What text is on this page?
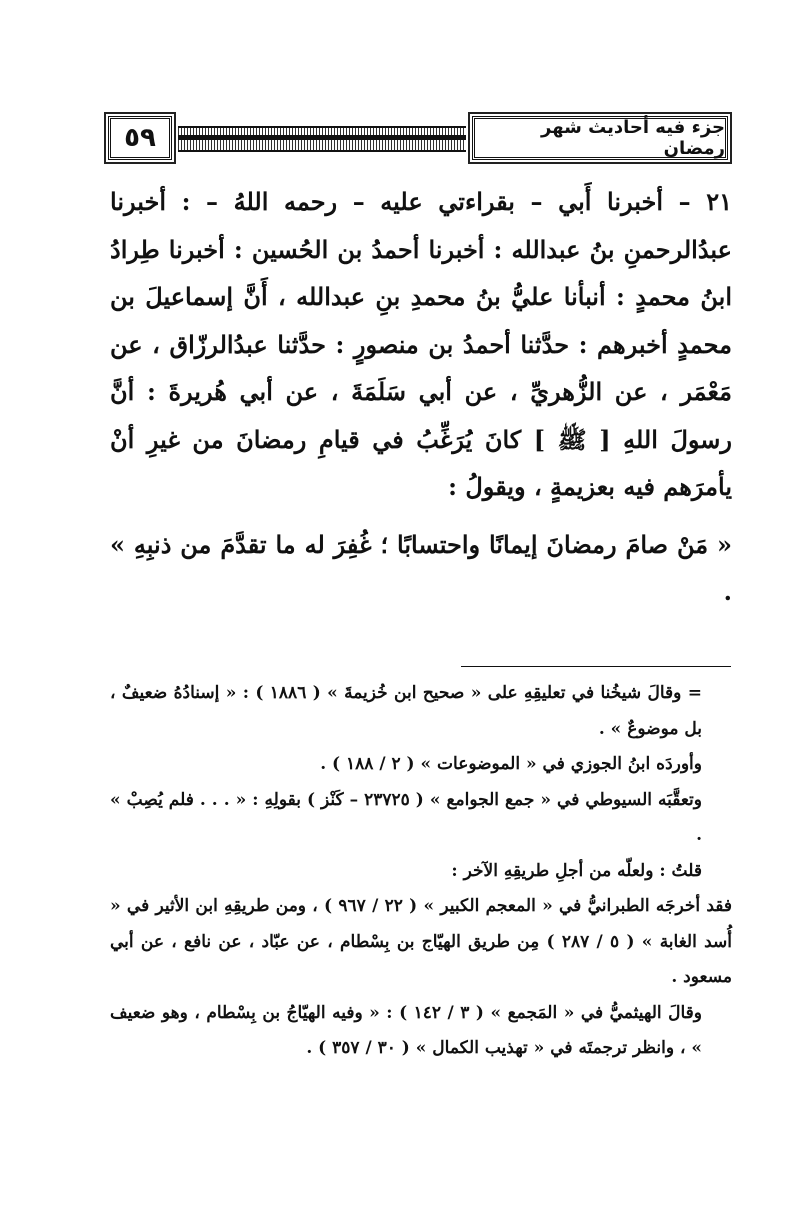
٥٩	جزء فيه أحاديث شهر رمضان

٢١ – أخبرنا أَبي – بقراءتي عليه – رحمه اللهُ – : أخبرنا عبدُالرحمنِ بنُ عبدالله : أخبرنا أحمدُ بن الحُسين : أخبرنا طِرادُ ابنُ محمدٍ : أنبأنا عليُّ بنُ محمدِ بنِ عبدالله ، أَنَّ إسماعيلَ بن محمدٍ أخبرهم : حدَّثنا أحمدُ بن منصورٍ : حدَّثنا عبدُالرزّاق ، عن مَعْمَر ، عن الزُّهريِّ ، عن أبي سَلَمَةَ ، عن أبي هُريرةَ : أنَّ رسولَ اللهِ [ ﷺ ] كانَ يُرَغِّبُ في قيامِ رمضانَ من غيرِ أنْ يأمرَهم فيه بعزيمةٍ ، ويقولُ :

« مَنْ صامَ رمضانَ إيمانًا واحتسابًا ؛ غُفِرَ له ما تقدَّمَ من ذنبِهِ » .

= وقالَ شيخُنا في تعليقِهِ على « صحيح ابن خُزيمةَ » ( ١٨٨٦ ) : « إسنادُهُ ضعيفٌ ، بل موضوعٌ » .

وأوردَه ابنُ الجوزي في « الموضوعات » ( ٢ / ١٨٨ ) .

وتعقَّبَه السيوطي في « جمع الجوامع » ( ٢٣٧٢٥ – كَنْز ) بقولِهِ : « . . . فلم يُصِبْ » .

قلتُ : ولعلّه من أجلِ طريقِهِ الآخر :

فقد أخرجَه الطبرانيُّ في « المعجم الكبير » ( ٢٢ / ٩٦٧ ) ، ومن طريقِهِ ابن الأثير في « أُسد الغابة » ( ٥ / ٢٨٧ ) مِن طريق الهيّاج بن بِسْطام ، عن عبّاد ، عن نافع ، عن أبي مسعود .

وقالَ الهيثميُّ في « المَجمع » ( ٣ / ١٤٢ ) : « وفيه الهيّاجُ بن بِسْطام ، وهو ضعيف » ، وانظر ترجمتَه في « تهذيب الكمال » ( ٣٠ / ٣٥٧ ) .
